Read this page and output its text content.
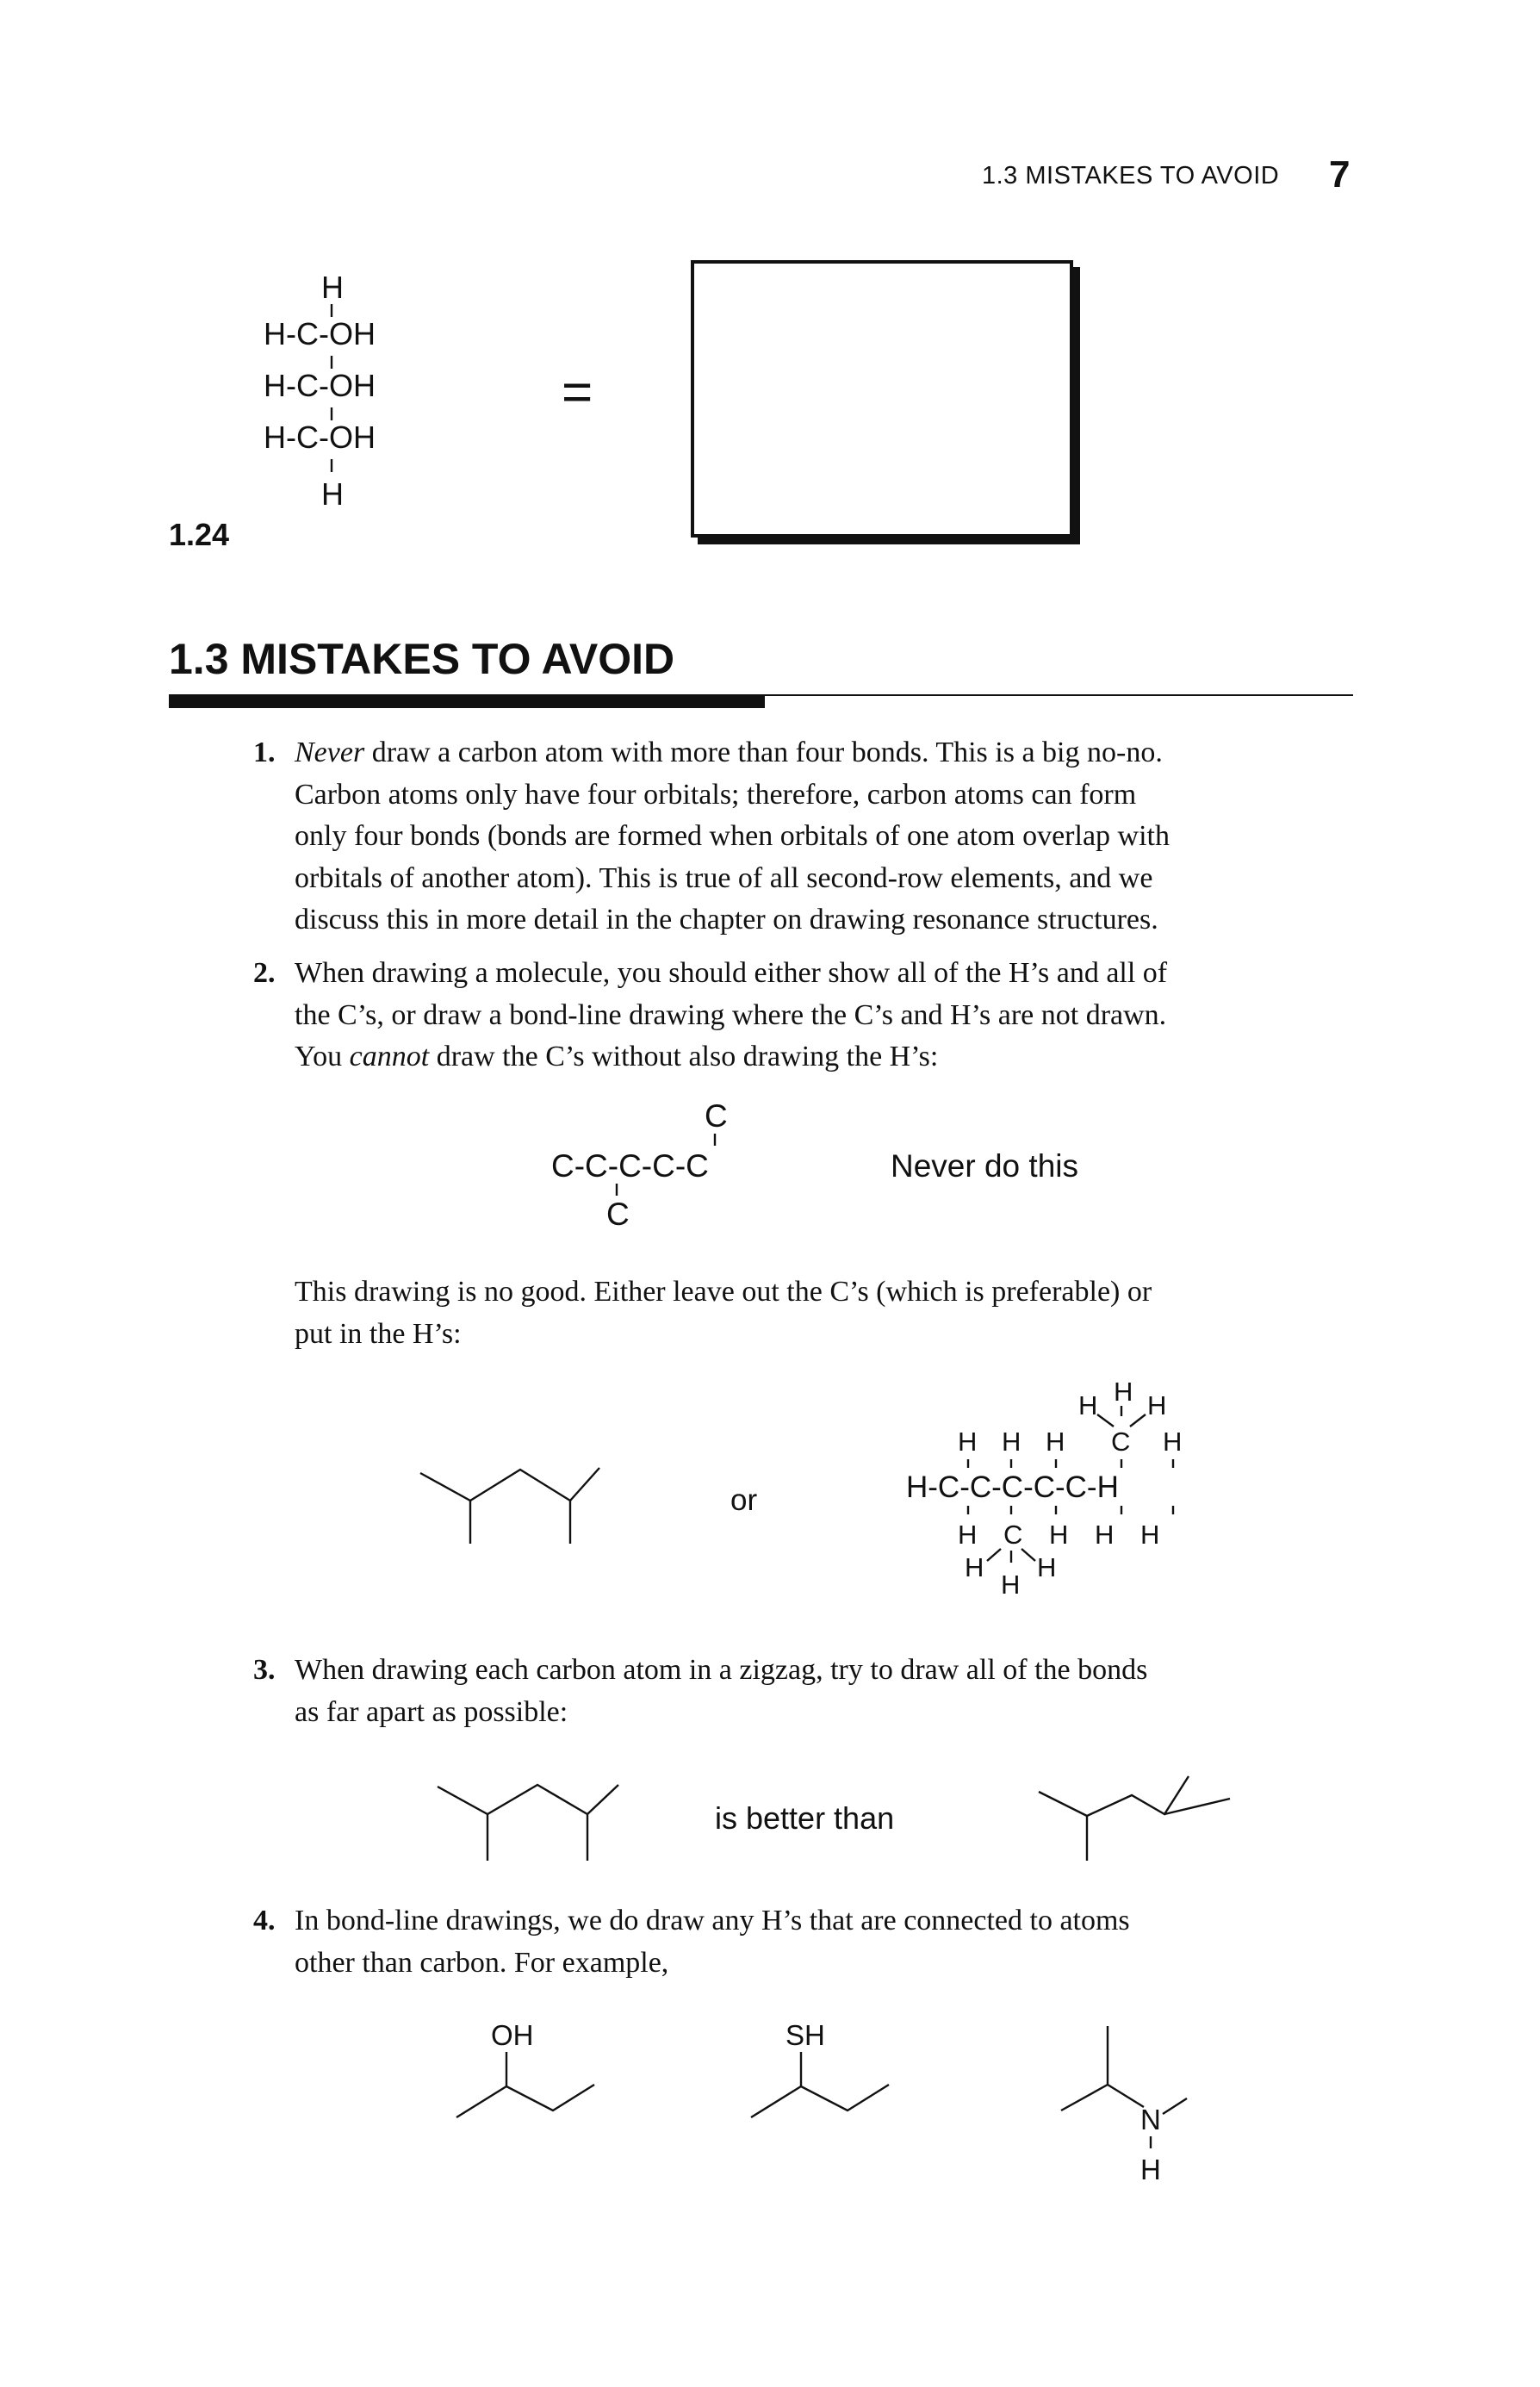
1.3 MISTAKES TO AVOID 7
1.24
H
H-C-OH
H-C-OH
H-C-OH
H
=
1.3 MISTAKES TO AVOID
1. Never draw a carbon atom with more than four bonds. This is a big no-no.
Carbon atoms only have four orbitals; therefore, carbon atoms can form
only four bonds (bonds are formed when orbitals of one atom overlap with
orbitals of another atom). This is true of all second-row elements, and we
discuss this in more detail in the chapter on drawing resonance structures.
2. When drawing a molecule, you should either show all of the H’s and all of
the C’s, or draw a bond-line drawing where the C’s and H’s are not drawn.
You cannot draw the C’s without also drawing the H’s:
C
C-C-C-C-C
C
Never do this
This drawing is no good. Either leave out the C’s (which is preferable) or
put in the H’s:
or
H
H H
H H H C H
H-C-C-C-C-C-H
H C H H H
H
H
H
3. When drawing each carbon atom in a zigzag, try to draw all of the bonds
as far apart as possible:
is better than
4. In bond-line drawings, we do draw any H’s that are connected to atoms
other than carbon. For example,
OH	SH
N
H
